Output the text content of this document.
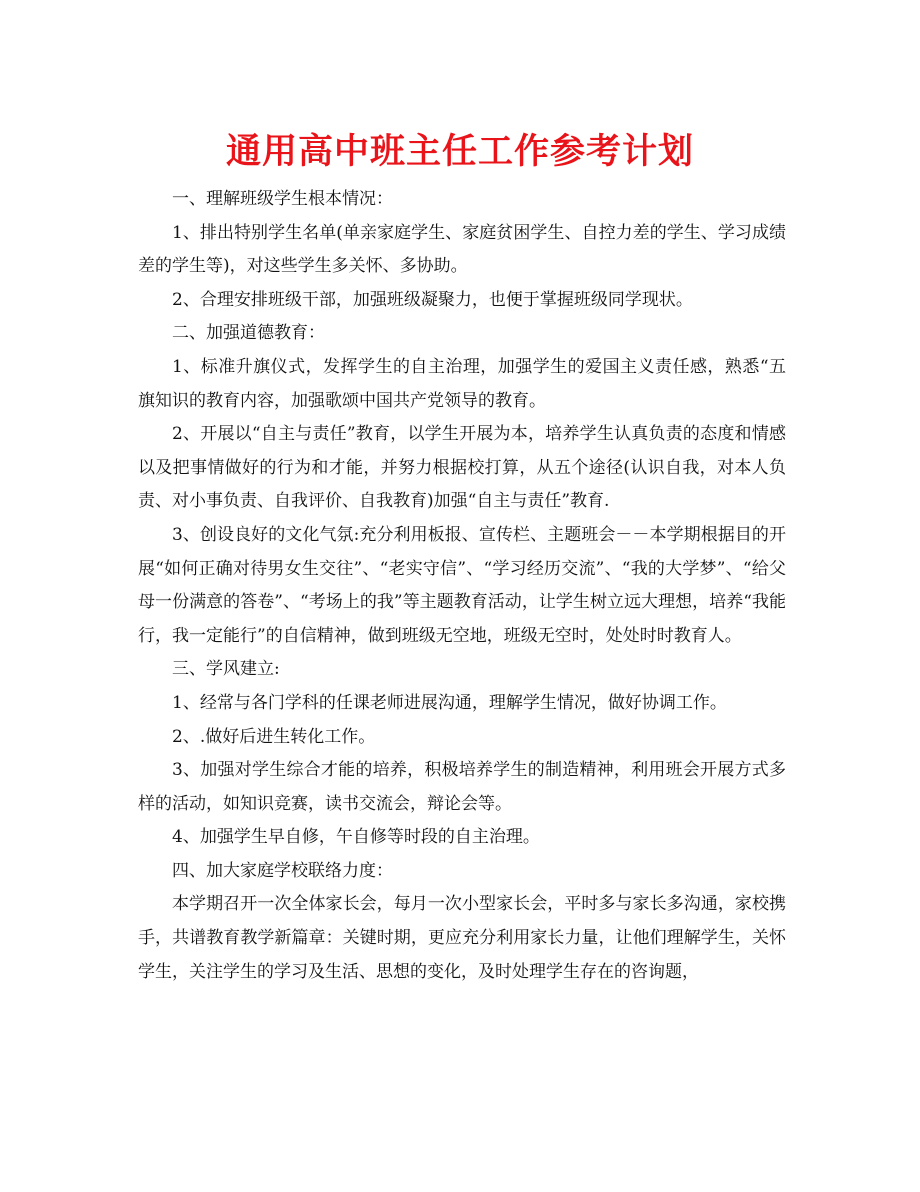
通用高中班主任工作参考计划

一、理解班级学生根本情况：

1、排出特别学生名单(单亲家庭学生、家庭贫困学生、自控力差的学生、学习成绩差的学生等)，对这些学生多关怀、多协助。

2、合理安排班级干部，加强班级凝聚力，也便于掌握班级同学现状。

二、加强道德教育：

1、标准升旗仪式，发挥学生的自主治理，加强学生的爱国主义责任感，熟悉“五旗知识的教育内容，加强歌颂中国共产党领导的教育。

2、开展以“自主与责任”教育，以学生开展为本，培养学生认真负责的态度和情感以及把事情做好的行为和才能，并努力根据校打算，从五个途径(认识自我，对本人负责、对小事负责、自我评价、自我教育)加强“自主与责任”教育.

3、创设良好的文化气氛:充分利用板报、宣传栏、主题班会－－本学期根据目的开展“如何正确对待男女生交往”、“老实守信”、“学习经历交流”、“我的大学梦”、“给父母一份满意的答卷”、“考场上的我”等主题教育活动，让学生树立远大理想，培养“我能行，我一定能行”的自信精神，做到班级无空地，班级无空时，处处时时教育人。

三、学风建立:

1、经常与各门学科的任课老师进展沟通，理解学生情况，做好协调工作。

2、.做好后进生转化工作。

3、加强对学生综合才能的培养，积极培养学生的制造精神，利用班会开展方式多样的活动，如知识竞赛，读书交流会，辩论会等。

4、加强学生早自修，午自修等时段的自主治理。

四、加大家庭学校联络力度：

本学期召开一次全体家长会，每月一次小型家长会，平时多与家长多沟通，家校携手，共谱教育教学新篇章：关键时期，更应充分利用家长力量，让他们理解学生，关怀学生，关注学生的学习及生活、思想的变化，及时处理学生存在的咨询题，
